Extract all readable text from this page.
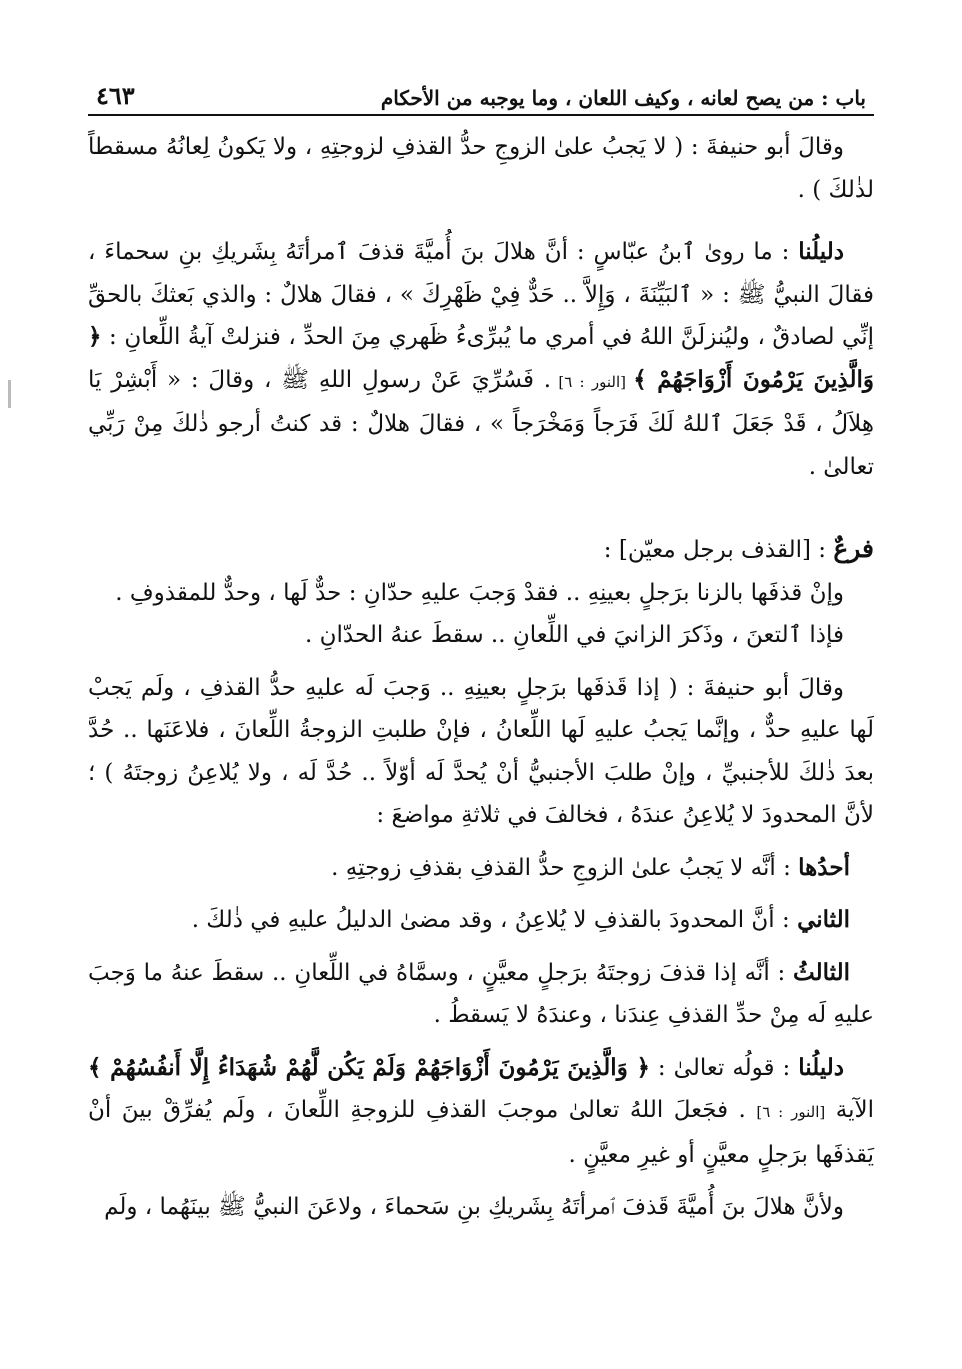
باب : من يصح لعانه ، وكيف اللعان ، وما يوجبه من الأحكام
٤٦٣

وقالَ أبو حنيفةَ : ( لا يَجبُ علىٰ الزوجِ حدُّ القذفِ لزوجتِهِ ، ولا يَكونُ لِعانُهُ مسقطاً لذٰلكَ ) .

دليلُنا : ما روىٰ ٱبنُ عبّاسٍ : أنَّ هلالَ بنَ أُميَّةَ قذفَ ٱمرأتَهُ بِشَريكِ بنِ سحماءَ ، فقالَ النبيُّ ﷺ : « ٱلبَيِّنَةَ ، وَإِلاَّ .. حَدٌّ فِيْ ظَهْرِكَ » ، فقالَ هلالٌ : والذي بَعثكَ بالحقِّ إنِّي لصادقٌ ، وليُنزلَنَّ اللهُ في أمري ما يُبرِّىءُ ظَهري مِنَ الحدِّ ، فنزلتْ آيةُ اللِّعانِ : ﴿ وَالَّذِينَ يَرْمُونَ أَزْوَاجَهُمْ ﴾ [النور : ٦] . فَسُرِّيَ عَنْ رسولِ اللهِ ﷺ ، وقالَ : « أَبْشِرْ يَا هِلاَلُ ، قَدْ جَعَلَ ٱللهُ لَكَ فَرَجاً وَمَخْرَجاً » ، فقالَ هلالٌ : قد كنتُ أرجو ذٰلكَ مِنْ رَبِّي تعالىٰ .

فرعٌ : [القذف برجل معيّن] :

وإنْ قذفَها بالزنا برَجلٍ بعينِهِ .. فقدْ وَجبَ عليهِ حدّانِ : حدٌّ لَها ، وحدٌّ للمقذوفِ .

فإذا ٱلتعنَ ، وذَكرَ الزانيَ في اللِّعانِ .. سقطَ عنهُ الحدّانِ .

وقالَ أبو حنيفةَ : ( إذا قَذفَها برَجلٍ بعينِهِ .. وَجبَ لَه عليهِ حدُّ القذفِ ، ولَم يَجبْ لَها عليهِ حدٌّ ، وإنَّما يَجبُ عليهِ لَها اللِّعانُ ، فإنْ طلبتِ الزوجةُ اللِّعانَ ، فلاعَنَها .. حُدَّ بعدَ ذٰلكَ للأجنبيِّ ، وإنْ طلبَ الأجنبيُّ أنْ يُحدَّ لَه أوّلاً .. حُدَّ لَه ، ولا يُلاعِنُ زوجتَهُ ) ؛ لأنَّ المحدودَ لا يُلاعِنُ عندَهُ ، فخالفَ في ثلاثةِ مواضعَ :

أحدُها : أنَّه لا يَجبُ علىٰ الزوجِ حدُّ القذفِ بقذفِ زوجتِهِ .

الثاني : أنَّ المحدودَ بالقذفِ لا يُلاعِنُ ، وقد مضىٰ الدليلُ عليهِ في ذٰلكَ .

الثالثُ : أنَّه إذا قذفَ زوجتَهُ برَجلٍ معيَّنٍ ، وسمَّاهُ في اللِّعانِ .. سقطَ عنهُ ما وَجبَ عليهِ لَه مِنْ حدِّ القذفِ عِندَنا ، وعندَهُ لا يَسقطُ .

دليلُنا : قولُه تعالىٰ : ﴿ وَالَّذِينَ يَرْمُونَ أَزْوَاجَهُمْ وَلَمْ يَكُن لَّهُمْ شُهَدَاءُ إِلَّا أَنفُسُهُمْ ﴾ الآية [النور : ٦] . فجَعلَ اللهُ تعالىٰ موجبَ القذفِ للزوجةِ اللِّعانَ ، ولَم يُفرِّقْ بينَ أنْ يَقذفَها برَجلٍ معيَّنٍ أو غيرِ معيَّنٍ .

ولأنَّ هلالَ بنَ أُميَّةَ قَذفَ ٱمرأتَهُ بِشَريكِ بنِ سَحماءَ ، ولاعَنَ النبيُّ ﷺ بينَهُما ، ولَم
